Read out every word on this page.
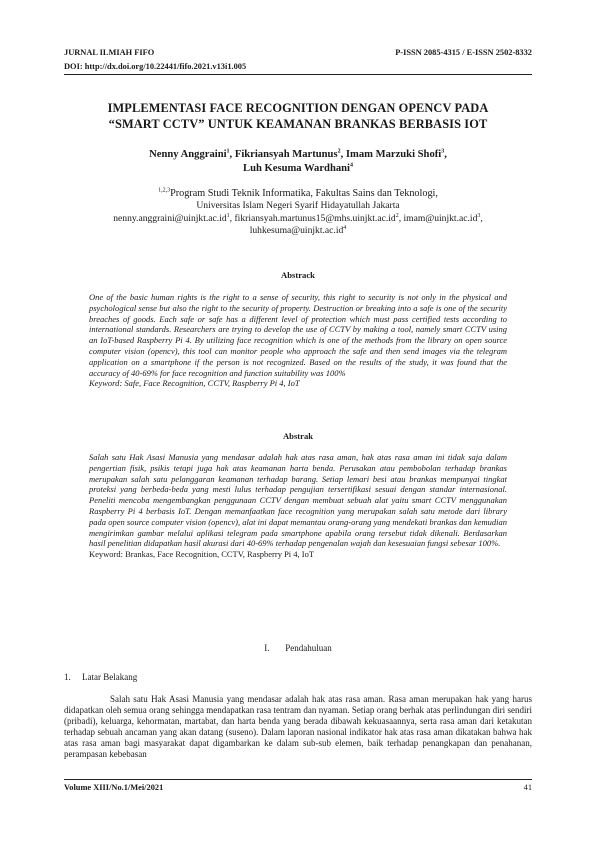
JURNAL ILMIAH FIFO	P-ISSN 2085-4315 / E-ISSN 2502-8332
DOI: http://dx.doi.org/10.22441/fifo.2021.v13i1.005
IMPLEMENTASI FACE RECOGNITION DENGAN OPENCV PADA
“SMART CCTV” UNTUK KEAMANAN BRANKAS BERBASIS IOT
Nenny Anggraini$^1$, Fikriansyah Martunus$^2$, Imam Marzuki Shofi$^3$,
Luh Kesuma Wardhani$^4$
$^{1,2,3}$Program Studi Teknik Informatika, Fakultas Sains dan Teknologi,
Universitas Islam Negeri Syarif Hidayatullah Jakarta
$nenny.anggraini@uinjkt.ac.id^1$, $fikriansyah.martunus15@mhs.uinjkt.ac.id^2$, $imam@uinjkt.ac.id^3$,
$luhkesuma@uinjkt.ac.id^4$
Abstrack
One of the basic human rights is the right to a sense of security, this right to security is not only in the physical and psychological sense but also the right to the security of property. Destruction or breaking into a safe is one of the security breaches of goods. Each safe or safe has a different level of protection which must pass certified tests according to international standards. Researchers are trying to develop the use of CCTV by making a tool, namely smart CCTV using an IoT-based Raspberry Pi 4. By utilizing face recognition which is one of the methods from the library on open source computer vision (opencv), this tool can monitor people who approach the safe and then send images via the telegram application on a smartphone if the person is not recognized. Based on the results of the study, it was found that the accuracy of 40-69% for face recognition and function suitability was 100%
Keyword: Safe, Face Recognition, CCTV, Raspberry Pi 4, IoT
Abstrak
Salah satu Hak Asasi Manusia yang mendasar adalah hak atas rasa aman, hak atas rasa aman ini tidak saja dalam pengertian fisik, psikis tetapi juga hak atas keamanan harta benda. Perusakan atau pembobolan terhadap brankas merupakan salah satu pelanggaran keamanan terhadap barang. Setiap lemari besi atau brankas mempunyai tingkat proteksi yang berbeda-beda yang mesti lulus terhadap pengujian tersertifikasi sesuai dengan standar internasional. Peneliti mencoba mengembangkan penggunaan CCTV dengan membuat sebuah alat yaitu smart CCTV menggunakan Raspberry Pi 4 berbasis IoT. Dengan memanfaatkan face recognition yang merupakan salah satu metode dari library pada open source computer vision (opencv), alat ini dapat memantau orang-orang yang mendekati brankas dan kemudian mengirimkan gambar melalui aplikasi telegram pada smartphone apabila orang tersebut tidak dikenali. Berdasarkan hasil penelitian didapatkan hasil akurasi dari 40-69% terhadap pengenalan wajah dan kesesuaian fungsi sebesar 100%.
Keyword: Brankas, Face Recognition, CCTV, Raspberry Pi 4, IoT
I.       Pendahuluan
1.     Latar Belakang
Salah satu Hak Asasi Manusia yang mendasar adalah hak atas rasa aman. Rasa aman merupakan hak yang harus didapatkan oleh semua orang sehingga mendapatkan rasa tentram dan nyaman. Setiap orang berhak atas perlindungan diri sendiri (pribadi), keluarga, kehormatan, martabat, dan harta benda yang berada dibawah kekuasaannya, serta rasa aman dari ketakutan terhadap sebuah ancaman yang akan datang (suseno). Dalam laporan nasional indikator hak atas rasa aman dikatakan bahwa hak atas rasa aman bagi masyarakat dapat digambarkan ke dalam sub-sub elemen, baik terhadap penangkapan dan penahanan, perampasan kebebasan
Volume XIII/No.1/Mei/2021	41
